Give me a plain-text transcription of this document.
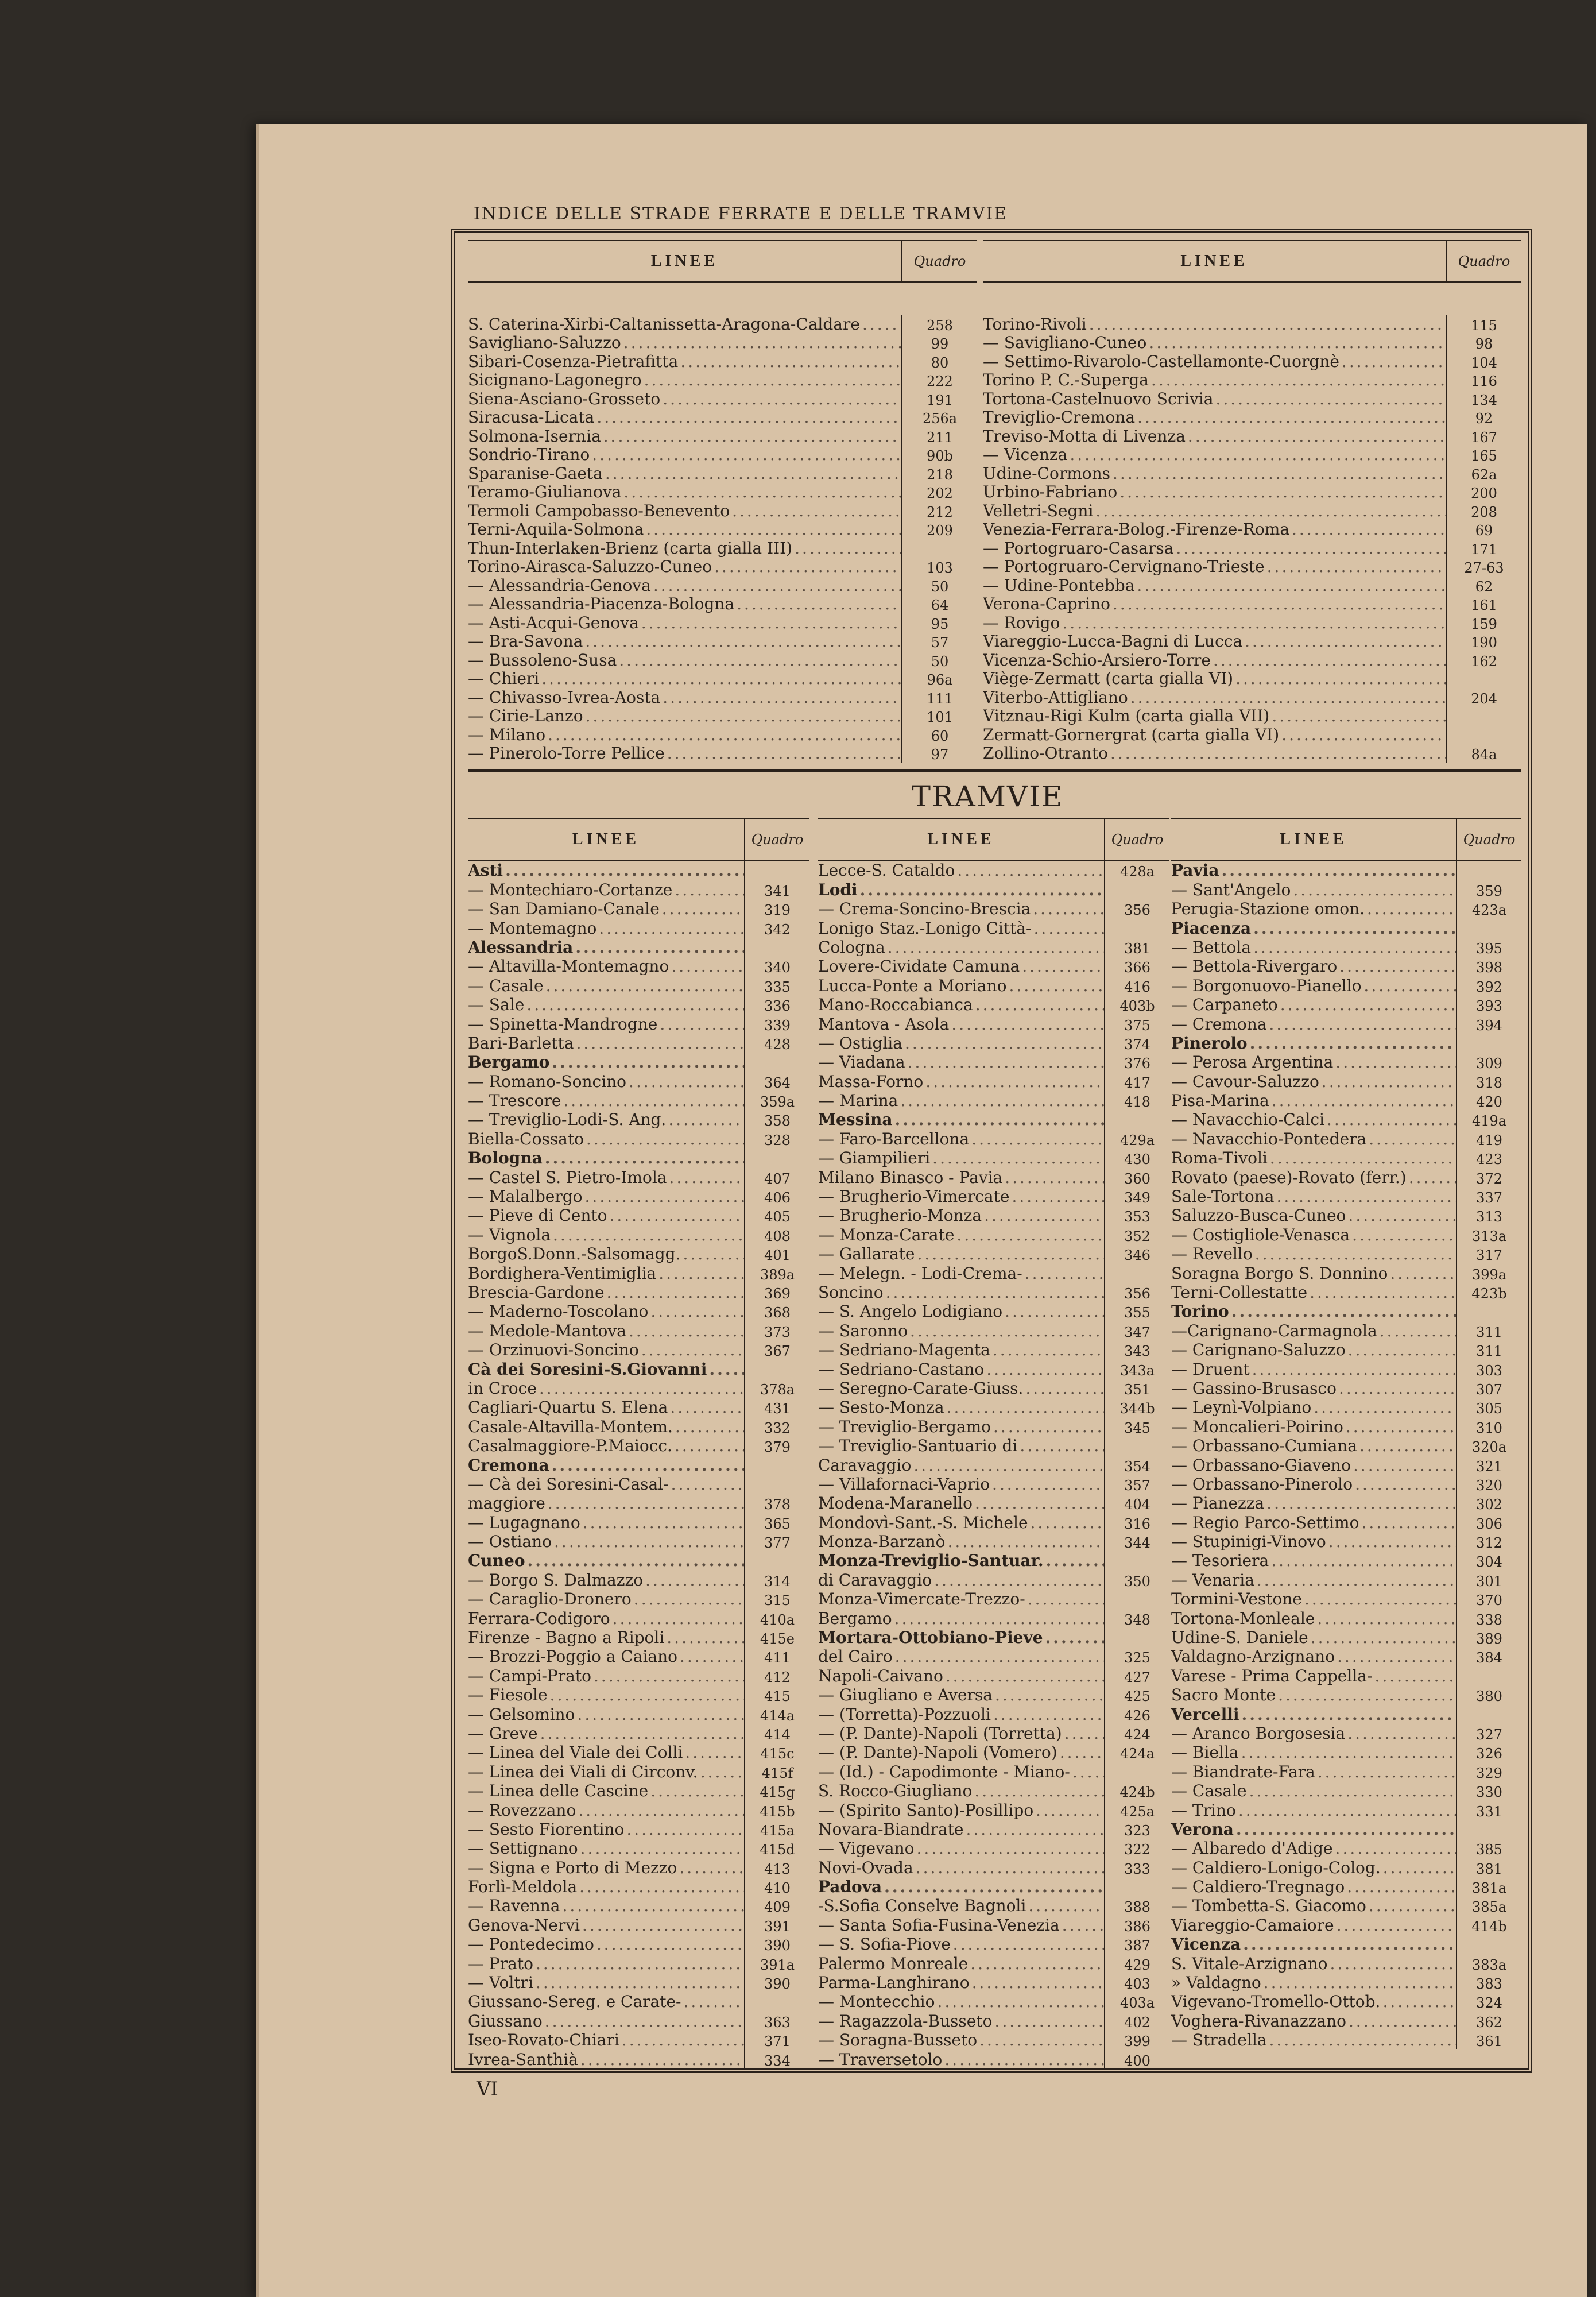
INDICE DELLE STRADE FERRATE E DELLE TRAMVIE
LINEE	Quadro
S. Caterina-Xirbi-Caltanissetta-Aragona-Caldare .....	258
Savigliano-Saluzzo .....	99
Sibari-Cosenza-Pietrafitta .....	80
Sicignano-Lagonegro .....	222
Siena-Asciano-Grosseto .....	191
Siracusa-Licata .....	256a
Solmona-Isernia .....	211
Sondrio-Tirano .....	90b
Sparanise-Gaeta .....	218
Teramo-Giulianova .....	202
Termoli Campobasso-Benevento .....	212
Terni-Aquila-Solmona .....	209
Thun-Interlaken-Brienz (carta gialla III) .....
Torino-Airasca-Saluzzo-Cuneo .....	103
— Alessandria-Genova .....	50
— Alessandria-Piacenza-Bologna .....	64
— Asti-Acqui-Genova .....	95
— Bra-Savona .....	57
— Bussoleno-Susa .....	50
— Chieri .....	96a
— Chivasso-Ivrea-Aosta .....	111
— Cirie-Lanzo .....	101
— Milano .....	60
— Pinerolo-Torre Pellice .....	97
LINEE	Quadro
Torino-Rivoli .....	115
— Savigliano-Cuneo .....	98
— Settimo-Rivarolo-Castellamonte-Cuorgnè .....	104
Torino P. C.-Superga .....	116
Tortona-Castelnuovo Scrivia .....	134
Treviglio-Cremona .....	92
Treviso-Motta di Livenza .....	167
— Vicenza .....	165
Udine-Cormons .....	62a
Urbino-Fabriano .....	200
Velletri-Segni .....	208
Venezia-Ferrara-Bolog.-Firenze-Roma .....	69
— Portogruaro-Casarsa .....	171
— Portogruaro-Cervignano-Trieste .....	27-63
— Udine-Pontebba .....	62
Verona-Caprino .....	161
— Rovigo .....	159
Viareggio-Lucca-Bagni di Lucca .....	190
Vicenza-Schio-Arsiero-Torre .....	162
Viège-Zermatt (carta gialla VI) .....
Viterbo-Attigliano .....	204
Vitznau-Rigi Kulm (carta gialla VII) .....
Zermatt-Gornergrat (carta gialla VI) .....
Zollino-Otranto .....	84a
TRAMVIE
LINEE	Quadro
Asti .....
— Montechiaro-Cortanze .....	341
— San Damiano-Canale .....	319
— Montemagno .....	342
Alessandria .....
— Altavilla-Montemagno .....	340
— Casale .....	335
— Sale .....	336
— Spinetta-Mandrogne .....	339
Bari-Barletta .....	428
Bergamo .....
— Romano-Soncino .....	364
— Trescore .....	359a
— Treviglio-Lodi-S. Ang. .....	358
Biella-Cossato .....	328
Bologna .....
— Castel S. Pietro-Imola .....	407
— Malalbergo .....	406
— Pieve di Cento .....	405
— Vignola .....	408
BorgoS.Donn.-Salsomagg. .....	401
Bordighera-Ventimiglia .....	389a
Brescia-Gardone .....	369
— Maderno-Toscolano .....	368
— Medole-Mantova .....	373
— Orzinuovi-Soncino .....	367
Cà dei Soresini-S.Giovanni .....
in Croce .....	378a
Cagliari-Quartu S. Elena .....	431
Casale-Altavilla-Montem. .....	332
Casalmaggiore-P.Maiocc. .....	379
Cremona .....
— Cà dei Soresini-Casal- .....
maggiore .....	378
— Lugagnano .....	365
— Ostiano .....	377
Cuneo .....
— Borgo S. Dalmazzo .....	314
— Caraglio-Dronero .....	315
Ferrara-Codigoro .....	410a
Firenze - Bagno a Ripoli .....	415e
— Brozzi-Poggio a Caiano .....	411
— Campi-Prato .....	412
— Fiesole .....	415
— Gelsomino .....	414a
— Greve .....	414
— Linea del Viale dei Colli .....	415c
— Linea dei Viali di Circonv. .....	415f
— Linea delle Cascine .....	415g
— Rovezzano .....	415b
— Sesto Fiorentino .....	415a
— Settignano .....	415d
— Signa e Porto di Mezzo .....	413
Forlì-Meldola .....	410
— Ravenna .....	409
Genova-Nervi .....	391
— Pontedecimo .....	390
— Prato .....	391a
— Voltri .....	390
Giussano-Sereg. e Carate- .....
Giussano .....	363
Iseo-Rovato-Chiari .....	371
Ivrea-Santhià .....	334
LINEE	Quadro
Lecce-S. Cataldo .....	428a
Lodi .....
— Crema-Soncino-Brescia .....	356
Lonigo Staz.-Lonigo Città- .....
Cologna .....	381
Lovere-Cividate Camuna .....	366
Lucca-Ponte a Moriano .....	416
Mano-Roccabianca .....	403b
Mantova - Asola .....	375
— Ostiglia .....	374
— Viadana .....	376
Massa-Forno .....	417
— Marina .....	418
Messina .....
— Faro-Barcellona .....	429a
— Giampilieri .....	430
Milano Binasco - Pavia .....	360
— Brugherio-Vimercate .....	349
— Brugherio-Monza .....	353
— Monza-Carate .....	352
— Gallarate .....	346
— Melegn. - Lodi-Crema- .....
Soncino .....	356
— S. Angelo Lodigiano .....	355
— Saronno .....	347
— Sedriano-Magenta .....	343
— Sedriano-Castano .....	343a
— Seregno-Carate-Giuss. .....	351
— Sesto-Monza .....	344b
— Treviglio-Bergamo .....	345
— Treviglio-Santuario di .....
Caravaggio .....	354
— Villafornaci-Vaprio .....	357
Modena-Maranello .....	404
Mondovì-Sant.-S. Michele .....	316
Monza-Barzanò .....	344
Monza-Treviglio-Santuar. .....
di Caravaggio .....	350
Monza-Vimercate-Trezzo- .....
Bergamo .....	348
Mortara-Ottobiano-Pieve .....
del Cairo .....	325
Napoli-Caivano .....	427
— Giugliano e Aversa .....	425
— (Torretta)-Pozzuoli .....	426
— (P. Dante)-Napoli (Torretta) .....	424
— (P. Dante)-Napoli (Vomero) .....	424a
— (Id.) - Capodimonte - Miano- .....
S. Rocco-Giugliano .....	424b
— (Spirito Santo)-Posillipo .....	425a
Novara-Biandrate .....	323
— Vigevano .....	322
Novi-Ovada .....	333
Padova .....
-S.Sofia Conselve Bagnoli .....	388
— Santa Sofia-Fusina-Venezia .....	386
— S. Sofia-Piove .....	387
Palermo Monreale .....	429
Parma-Langhirano .....	403
— Montecchio .....	403a
— Ragazzola-Busseto .....	402
— Soragna-Busseto .....	399
— Traversetolo .....	400
LINEE	Quadro
Pavia .....
— Sant'Angelo .....	359
Perugia-Stazione omon. .....	423a
Piacenza .....
— Bettola .....	395
— Bettola-Rivergaro .....	398
— Borgonuovo-Pianello .....	392
— Carpaneto .....	393
— Cremona .....	394
Pinerolo .....
— Perosa Argentina .....	309
— Cavour-Saluzzo .....	318
Pisa-Marina .....	420
— Navacchio-Calci .....	419a
— Navacchio-Pontedera .....	419
Roma-Tivoli .....	423
Rovato (paese)-Rovato (ferr.) .....	372
Sale-Tortona .....	337
Saluzzo-Busca-Cuneo .....	313
— Costigliole-Venasca .....	313a
— Revello .....	317
Soragna Borgo S. Donnino .....	399a
Terni-Collestatte .....	423b
Torino .....
—Carignano-Carmagnola .....	311
— Carignano-Saluzzo .....	311
— Druent .....	303
— Gassino-Brusasco .....	307
— Leynì-Volpiano .....	305
— Moncalieri-Poirino .....	310
— Orbassano-Cumiana .....	320a
— Orbassano-Giaveno .....	321
— Orbassano-Pinerolo .....	320
— Pianezza .....	302
— Regio Parco-Settimo .....	306
— Stupinigi-Vinovo .....	312
— Tesoriera .....	304
— Venaria .....	301
Tormini-Vestone .....	370
Tortona-Monleale .....	338
Udine-S. Daniele .....	389
Valdagno-Arzignano .....	384
Varese - Prima Cappella- .....
Sacro Monte .....	380
Vercelli .....
— Aranco Borgosesia .....	327
— Biella .....	326
— Biandrate-Fara .....	329
— Casale .....	330
— Trino .....	331
Verona .....
— Albaredo d'Adige .....	385
— Caldiero-Lonigo-Colog. .....	381
— Caldiero-Tregnago .....	381a
— Tombetta-S. Giacomo .....	385a
Viareggio-Camaiore .....	414b
Vicenza .....
S. Vitale-Arzignano .....	383a
» Valdagno .....	383
Vigevano-Tromello-Ottob. .....	324
Voghera-Rivanazzano .....	362
— Stradella .....	361
VI
